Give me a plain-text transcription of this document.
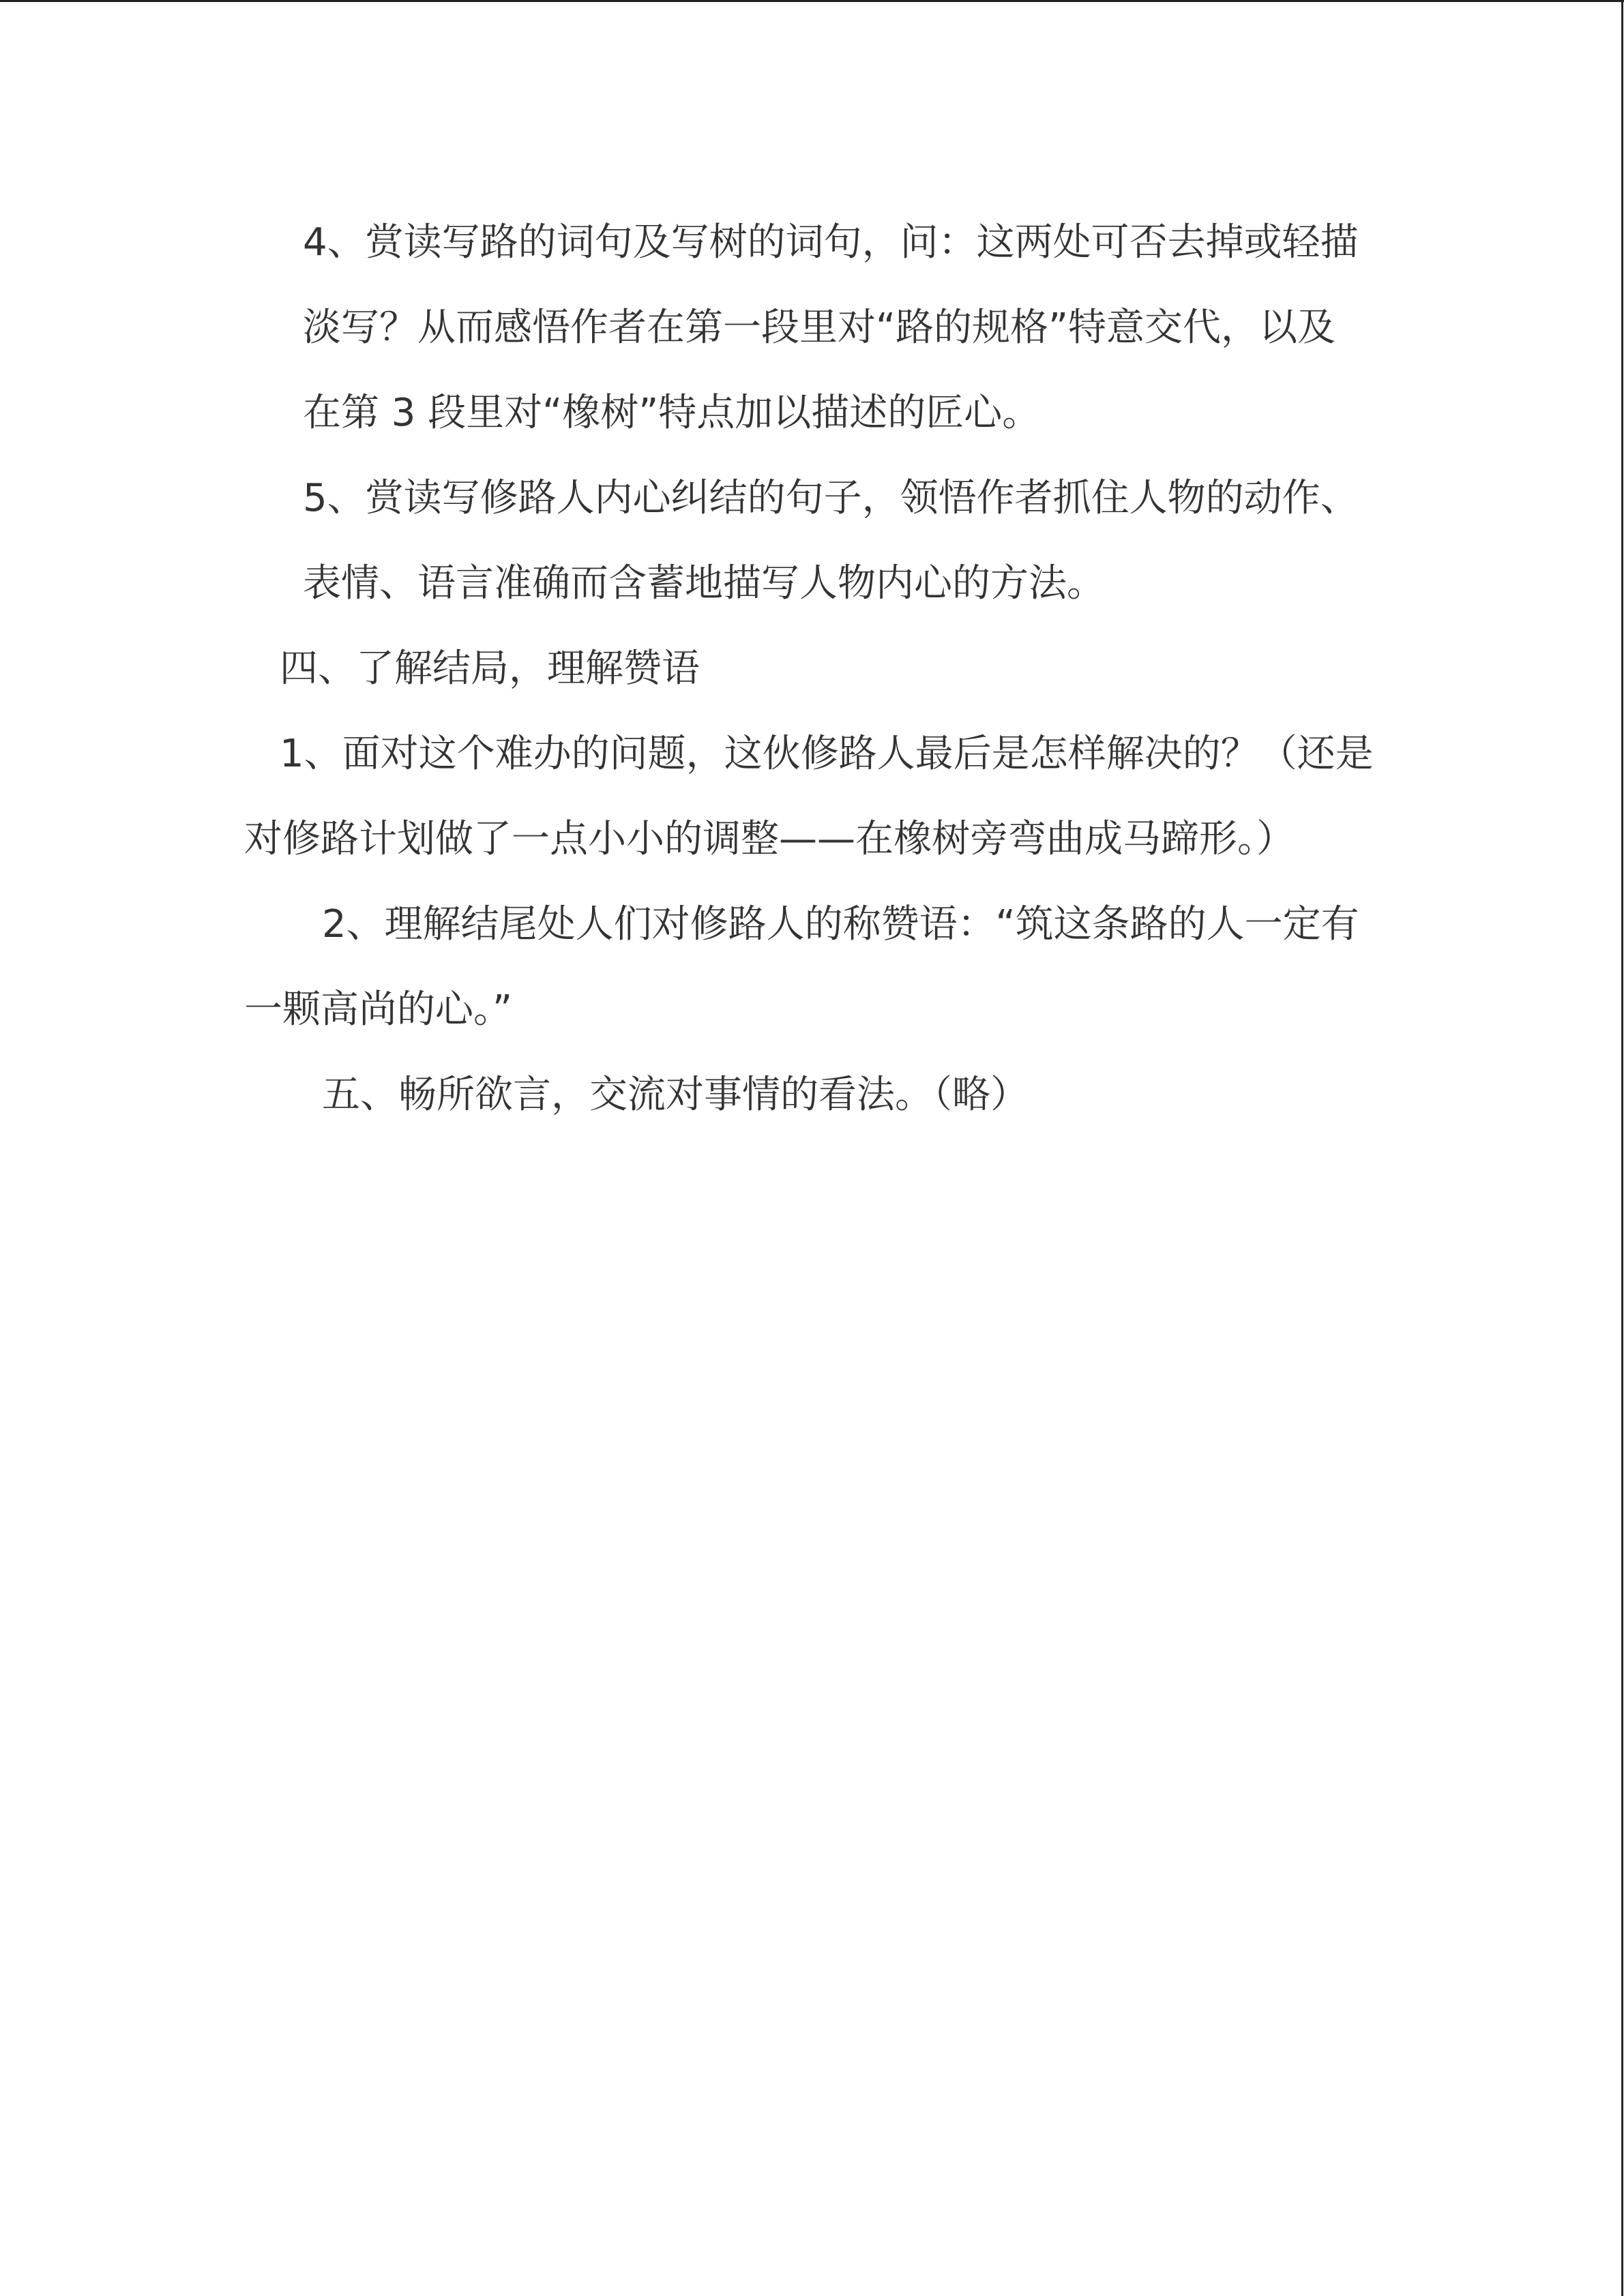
4、赏读写路的词句及写树的词句，问：这两处可否去掉或轻描
淡写？从而感悟作者在第一段里对“路的规格”特意交代，以及
在第 3 段里对“橡树”特点加以描述的匠心。
5、赏读写修路人内心纠结的句子，领悟作者抓住人物的动作、
表情、语言准确而含蓄地描写人物内心的方法。
四、了解结局，理解赞语
1、面对这个难办的问题，这伙修路人最后是怎样解决的？（还是
对修路计划做了一点小小的调整——在橡树旁弯曲成马蹄形。）
2、理解结尾处人们对修路人的称赞语：“筑这条路的人一定有
一颗高尚的心。”
五、畅所欲言，交流对事情的看法。（略）
